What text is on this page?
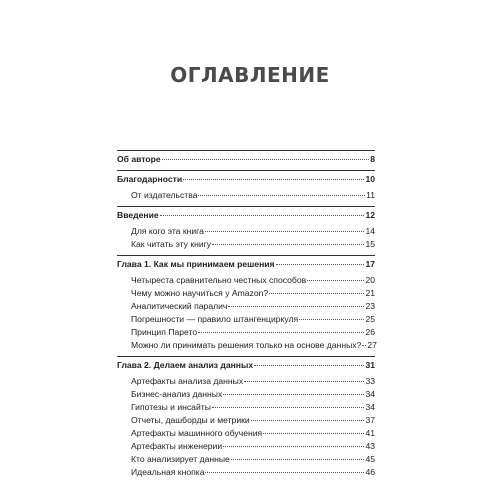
ОГЛАВЛЕНИЕ
Об авторе	8
Благодарности	10
От издательства	11
Введение	12
Для кого эта книга	14
Как читать эту книгу	15
Глава 1. Как мы принимаем решения	17
Четыреста сравнительно честных способов	20
Чему можно научиться у Amazon?	21
Аналитический паралич	23
Погрешности — правило штангенциркуля	25
Принцип Парето	26
Можно ли принимать решения только на основе данных? 27
Глава 2. Делаем анализ данных	31
Артефакты анализа данных	33
Бизнес-анализ данных	34
Гипотезы и инсайты	34
Отчеты, дашборды и метрики	37
Артефакты машинного обучения	41
Артефакты инженерии	43
Кто анализирует данные	45
Идеальная кнопка	46
